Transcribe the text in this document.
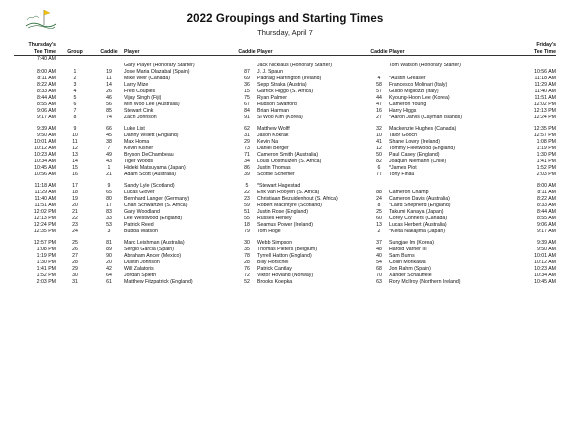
2022 Groupings and Starting Times
Thursday, April 7
Thursday's								Friday's
Tee Time	Group	Caddie	Player	Caddie	Player	Caddie	Player	Tee Time
7:40 AM								
			Gary Player (Honorary Starter)		Jack Nicklaus (Honorary Starter)		Tom Watson (Honorary Starter)	
8:00 AM	1	19	Jose Maria Olazabal (Spain)	87	J. J. Spaun			10:56 AM
8:11 AM	2	11	Mike Weir (Canada)	69	Padraig Harrington (Ireland)	4	*Austin Greaser	11:18 AM
8:22 AM	3	14	Larry Mize	36	Sepp Straka (Austria)	58	Francesco Molinari (Italy)	11:29 AM
8:33 AM	4	26	Fred Couples	15	Garrick Higgo (S. Africa)	57	Guido Migliozzi (Italy)	11:40 AM
8:44 AM	5	46	Vijay Singh (Fiji)	75	Ryan Palmer	44	Kyoung-Hoon Lee (Korea)	11:51 AM
8:55 AM	6	56	Min Woo Lee (Australia)	67	Hudson Swafford	47	Cameron Young	12:02 PM
9:06 AM	7	85	Stewart Cink	84	Brian Harman	16	Harry Higgs	12:13 PM
9:17 AM	8	74	Zach Johnson	91	Si Woo Kim (Korea)	27	*Aaron Jarvis (Cayman Islands)	12:24 PM

9:39 AM	9	66	Luke List	62	Matthew Wolff	32	Mackenzie Hughes (Canada)	12:35 PM
9:50 AM	10	45	Danny Willett (England)	31	Jason Kokrak	10	Talor Gooch	12:57 PM
10:01 AM	11	38	Max Homa	29	Kevin Na	41	Shane Lowry (Ireland)	1:08 PM
10:12 AM	12	7	Kevin Kisner	73	Daniel Berger	12	Tommy Fleetwood (England)	1:19 PM
10:23 AM	13	49	Bryson DeChambeau	71	Cameron Smith (Australia)	50	Paul Casey (England)	1:30 PM
10:34 AM	14	43	Tiger Woods	34	Louis Oosthuizen (S. Africa)	82	Joaquin Niemann (Chile)	1:41 PM
10:45 AM	15	1	Hideki Matsuyama (Japan)	86	Justin Thomas	6	*James Piot	1:52 PM
10:56 AM	16	21	Adam Scott (Australia)	39	Scottie Scheffler	77	Tony Finau	2:03 PM

11:18 AM	17	9	Sandy Lyle (Scotland)	5	*Stewart Hagestad			8:00 AM
11:29 AM	18	65	Lucas Glover	22	Erik van Rooyen (S. Africa)	88	Cameron Champ	8:11 AM
11:40 AM	19	80	Bernhard Langer (Germany)	23	Christiaan Bezuidenhout (S. Africa)	24	Cameron Davis (Australia)	8:22 AM
11:51 AM	20	17	Charl Schwartzel (S. Africa)	59	Robert MacIntyre (Scotland)	8	*Laird Shepherd (England)	8:33 AM
12:02 PM	21	83	Gary Woodland	51	Justin Rose (England)	25	Takumi Kanaya (Japan)	8:44 AM
12:13 PM	22	33	Lee Westwood (England)	55	Russell Henley	60	Corey Conners (Canada)	8:55 AM
12:24 PM	23	53	Patrick Reed	18	Seamus Power (Ireland)	13	Lucas Herbert (Australia)	9:06 AM
12:35 PM	24	3	Bubba Watson	79	Tom Hoge	2	*Keita Nakajima (Japan)	9:17 AM

12:57 PM	25	81	Marc Leishman (Australia)	30	Webb Simpson	37	Sungjae Im (Korea)	9:39 AM
1:08 PM	26	89	Sergio Garcia (Spain)	35	Thomas Pieters (Belgium)	48	Harold Varner III	9:50 AM
1:19 PM	27	90	Abraham Ancer (Mexico)	78	Tyrrell Hatton (England)	40	Sam Burns	10:01 AM
1:30 PM	28	20	Dustin Johnson	28	Billy Horschel	54	Collin Morikawa	10:12 AM
1:41 PM	29	42	Will Zalatoris	76	Patrick Cantlay	68	Jon Rahm (Spain)	10:23 AM
1:52 PM	30	64	Jordan Spieth	72	Viktor Hovland (Norway)	70	Xander Schauffele	10:34 AM
2:03 PM	31	61	Matthew Fitzpatrick (England)	52	Brooks Koepka	63	Rory McIlroy (Northern Ireland)	10:45 AM
